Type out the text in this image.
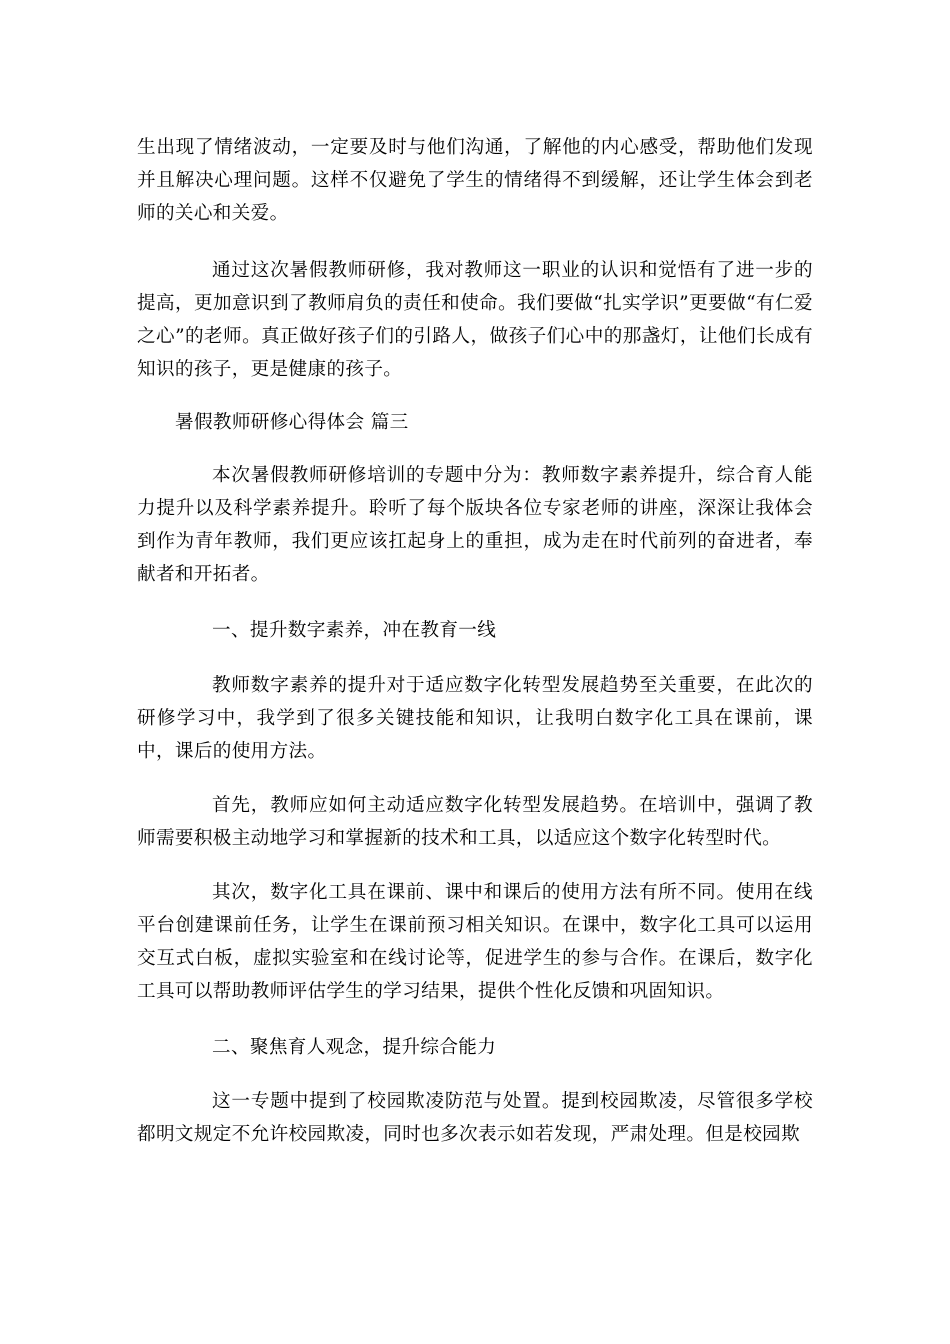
生出现了情绪波动，一定要及时与他们沟通，了解他的内心感受，帮助他们发现并且解决心理问题。这样不仅避免了学生的情绪得不到缓解，还让学生体会到老师的关心和关爱。

通过这次暑假教师研修，我对教师这一职业的认识和觉悟有了进一步的提高，更加意识到了教师肩负的责任和使命。我们要做“扎实学识”更要做“有仁爱之心”的老师。真正做好孩子们的引路人，做孩子们心中的那盏灯，让他们长成有知识的孩子，更是健康的孩子。

暑假教师研修心得体会 篇三

本次暑假教师研修培训的专题中分为：教师数字素养提升，综合育人能力提升以及科学素养提升。聆听了每个版块各位专家老师的讲座，深深让我体会到作为青年教师，我们更应该扛起身上的重担，成为走在时代前列的奋进者，奉献者和开拓者。

一、提升数字素养，冲在教育一线

教师数字素养的提升对于适应数字化转型发展趋势至关重要，在此次的研修学习中，我学到了很多关键技能和知识，让我明白数字化工具在课前，课中，课后的使用方法。

首先，教师应如何主动适应数字化转型发展趋势。在培训中，强调了教师需要积极主动地学习和掌握新的技术和工具，以适应这个数字化转型时代。

其次，数字化工具在课前、课中和课后的使用方法有所不同。使用在线平台创建课前任务，让学生在课前预习相关知识。在课中，数字化工具可以运用交互式白板，虚拟实验室和在线讨论等，促进学生的参与合作。在课后，数字化工具可以帮助教师评估学生的学习结果，提供个性化反馈和巩固知识。

二、聚焦育人观念，提升综合能力

这一专题中提到了校园欺凌防范与处置。提到校园欺凌，尽管很多学校都明文规定不允许校园欺凌，同时也多次表示如若发现，严肃处理。但是校园欺
